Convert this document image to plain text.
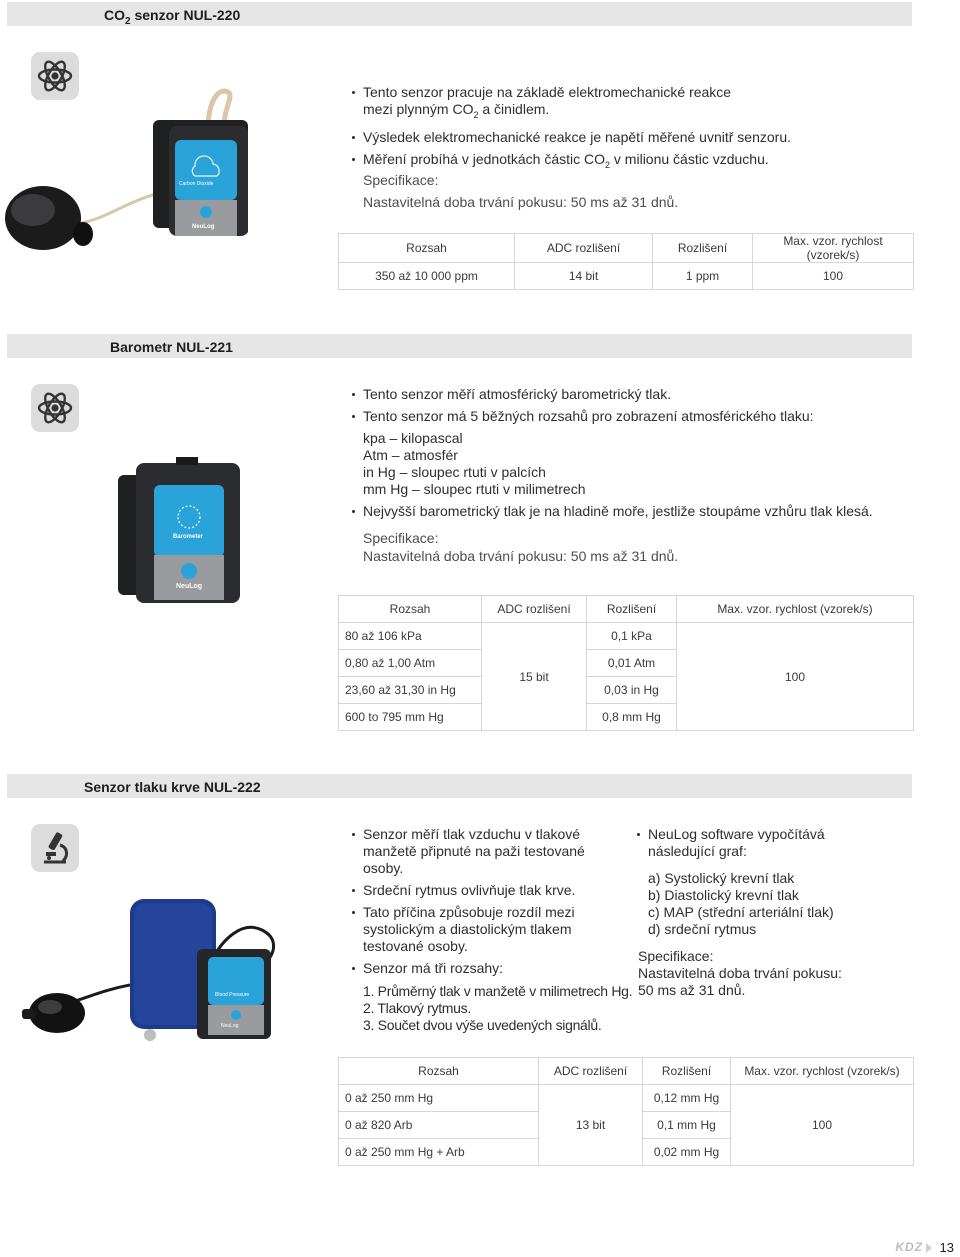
$CO_2$ senzor NUL-220
Carbon Dioxide
NeuLog
Tento senzor pracuje na základě elektromechanické reakce
mezi plynným $CO_2$ a činidlem.
Výsledek elektromechanické reakce je napětí měřené uvnitř senzoru.
Měření probíhá v jednotkách částic $CO_2$ v milionu částic vzduchu.
Specifikace:
Nastavitelná doba trvání pokusu: 50 ms až 31 dnů.
Rozsah	ADC rozlišení	Rozlišení	Max. vzor. rychlost (vzorek/s)
350 až 10 000 ppm	14 bit	1 ppm	100
Barometr NUL-221
Barometer
NeuLog
Tento senzor měří atmosférický barometrický tlak.
Tento senzor má 5 běžných rozsahů pro zobrazení atmosférického tlaku:
kpa – kilopascal
Atm – atmosfér
in Hg – sloupec rtuti v palcích
mm Hg – sloupec rtuti v milimetrech
Nejvyšší barometrický tlak je na hladině moře, jestliže stoupáme vzhůru tlak klesá.
Specifikace:
Nastavitelná doba trvání pokusu: 50 ms až 31 dnů.
Rozsah	ADC rozlišení	Rozlišení	Max. vzor. rychlost (vzorek/s)
80 až 106 kPa		0,1 kPa	
0,80 až 1,00 Atm	15 bit	0,01 Atm	100
23,60 až 31,30 in Hg		0,03 in Hg	
600 to 795 mm Hg		0,8 mm Hg	
Senzor tlaku krve NUL-222
Blood Pressure
NeuLog
Senzor měří tlak vzduchu v tlakové
manžetě připnuté na paži testované
osoby.
Srdeční rytmus ovlivňuje tlak krve.
Tato příčina způsobuje rozdíl mezi
systolickým a diastolickým tlakem
testované osoby.
Senzor má tři rozsahy:
1. Průměrný tlak v manžetě v milimetrech Hg.
2. Tlakový rytmus.
3. Součet dvou výše uvedených signálů.
NeuLog software vypočítává
následující graf:
a) Systolický krevní tlak
b) Diastolický krevní tlak
c) MAP (střední arteriální tlak)
d) srdeční rytmus
Specifikace:
Nastavitelná doba trvání pokusu:
50 ms až 31 dnů.
Rozsah	ADC rozlišení	Rozlišení	Max. vzor. rychlost (vzorek/s)
0 až 250 mm Hg	13 bit	0,12 mm Hg	100
0 až 820 Arb		0,1 mm Hg	
0 až 250 mm Hg + Arb		0,02 mm Hg	
KDZ 13
